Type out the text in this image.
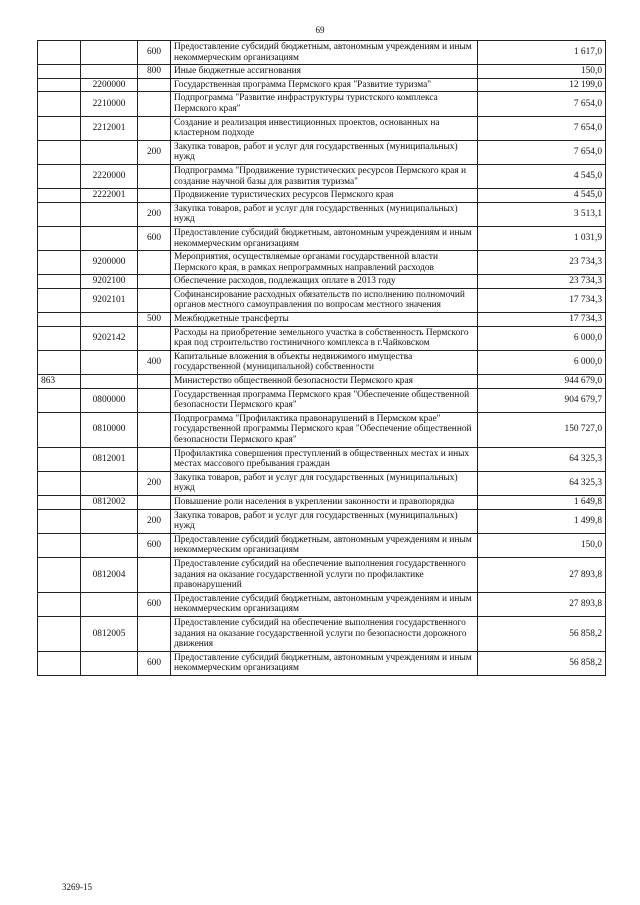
69
		600	Предоставление субсидий бюджетным, автономным учреждениям и иным некоммерческим организациям	1 617,0
		800	Иные бюджетные ассигнования	150,0
	2200000		Государственная программа Пермского края "Развитие туризма"	12 199,0
	2210000		Подпрограмма "Развитие инфраструктуры туристского комплекса Пермского края"	7 654,0
	2212001		Создание и реализация инвестиционных проектов, основанных на кластерном подходе	7 654,0
		200	Закупка товаров, работ и услуг для государственных (муниципальных) нужд	7 654,0
	2220000		Подпрограмма "Продвижение туристических ресурсов Пермского края и создание научной базы для развития туризма"	4 545,0
	2222001		Продвижение туристических ресурсов Пермского края	4 545,0
		200	Закупка товаров, работ и услуг для государственных (муниципальных) нужд	3 513,1
		600	Предоставление субсидий бюджетным, автономным учреждениям и иным некоммерческим организациям	1 031,9
	9200000		Мероприятия, осуществляемые органами государственной власти Пермского края, в рамках непрограммных направлений расходов	23 734,3
	9202100		Обеспечение расходов, подлежащих оплате в 2013 году	23 734,3
	9202101		Софинансирование расходных обязательств по исполнению полномочий органов местного самоуправления по вопросам местного значения	17 734,3
		500	Межбюджетные трансферты	17 734,3
	9202142		Расходы на приобретение земельного участка в собственность Пермского края под строительство гостиничного комплекса в г.Чайковском	6 000,0
		400	Капитальные вложения в объекты недвижимого имущества государственной (муниципальной) собственности	6 000,0
863			Министерство общественной безопасности Пермского края	944 679,0
	0800000		Государственная программа Пермского края "Обеспечение общественной безопасности Пермского края"	904 679,7
	0810000		Подпрограмма "Профилактика правонарушений в Пермском крае" государственной программы Пермского края "Обеспечение общественной безопасности Пермского края"	150 727,0
	0812001		Профилактика совершения преступлений в общественных местах и иных местах массового пребывания граждан	64 325,3
		200	Закупка товаров, работ и услуг для государственных (муниципальных) нужд	64 325,3
	0812002		Повышение роли населения в укреплении законности и правопорядка	1 649,8
		200	Закупка товаров, работ и услуг для государственных (муниципальных) нужд	1 499,8
		600	Предоставление субсидий бюджетным, автономным учреждениям и иным некоммерческим организациям	150,0
	0812004		Предоставление субсидий на обеспечение выполнения государственного задания на оказание государственной услуги по профилактике правонарушений	27 893,8
		600	Предоставление субсидий бюджетным, автономным учреждениям и иным некоммерческим организациям	27 893,8
	0812005		Предоставление субсидий на обеспечение выполнения государственного задания на оказание государственной услуги по безопасности дорожного движения	56 858,2
		600	Предоставление субсидий бюджетным, автономным учреждениям и иным некоммерческим организациям	56 858,2
3269-15
